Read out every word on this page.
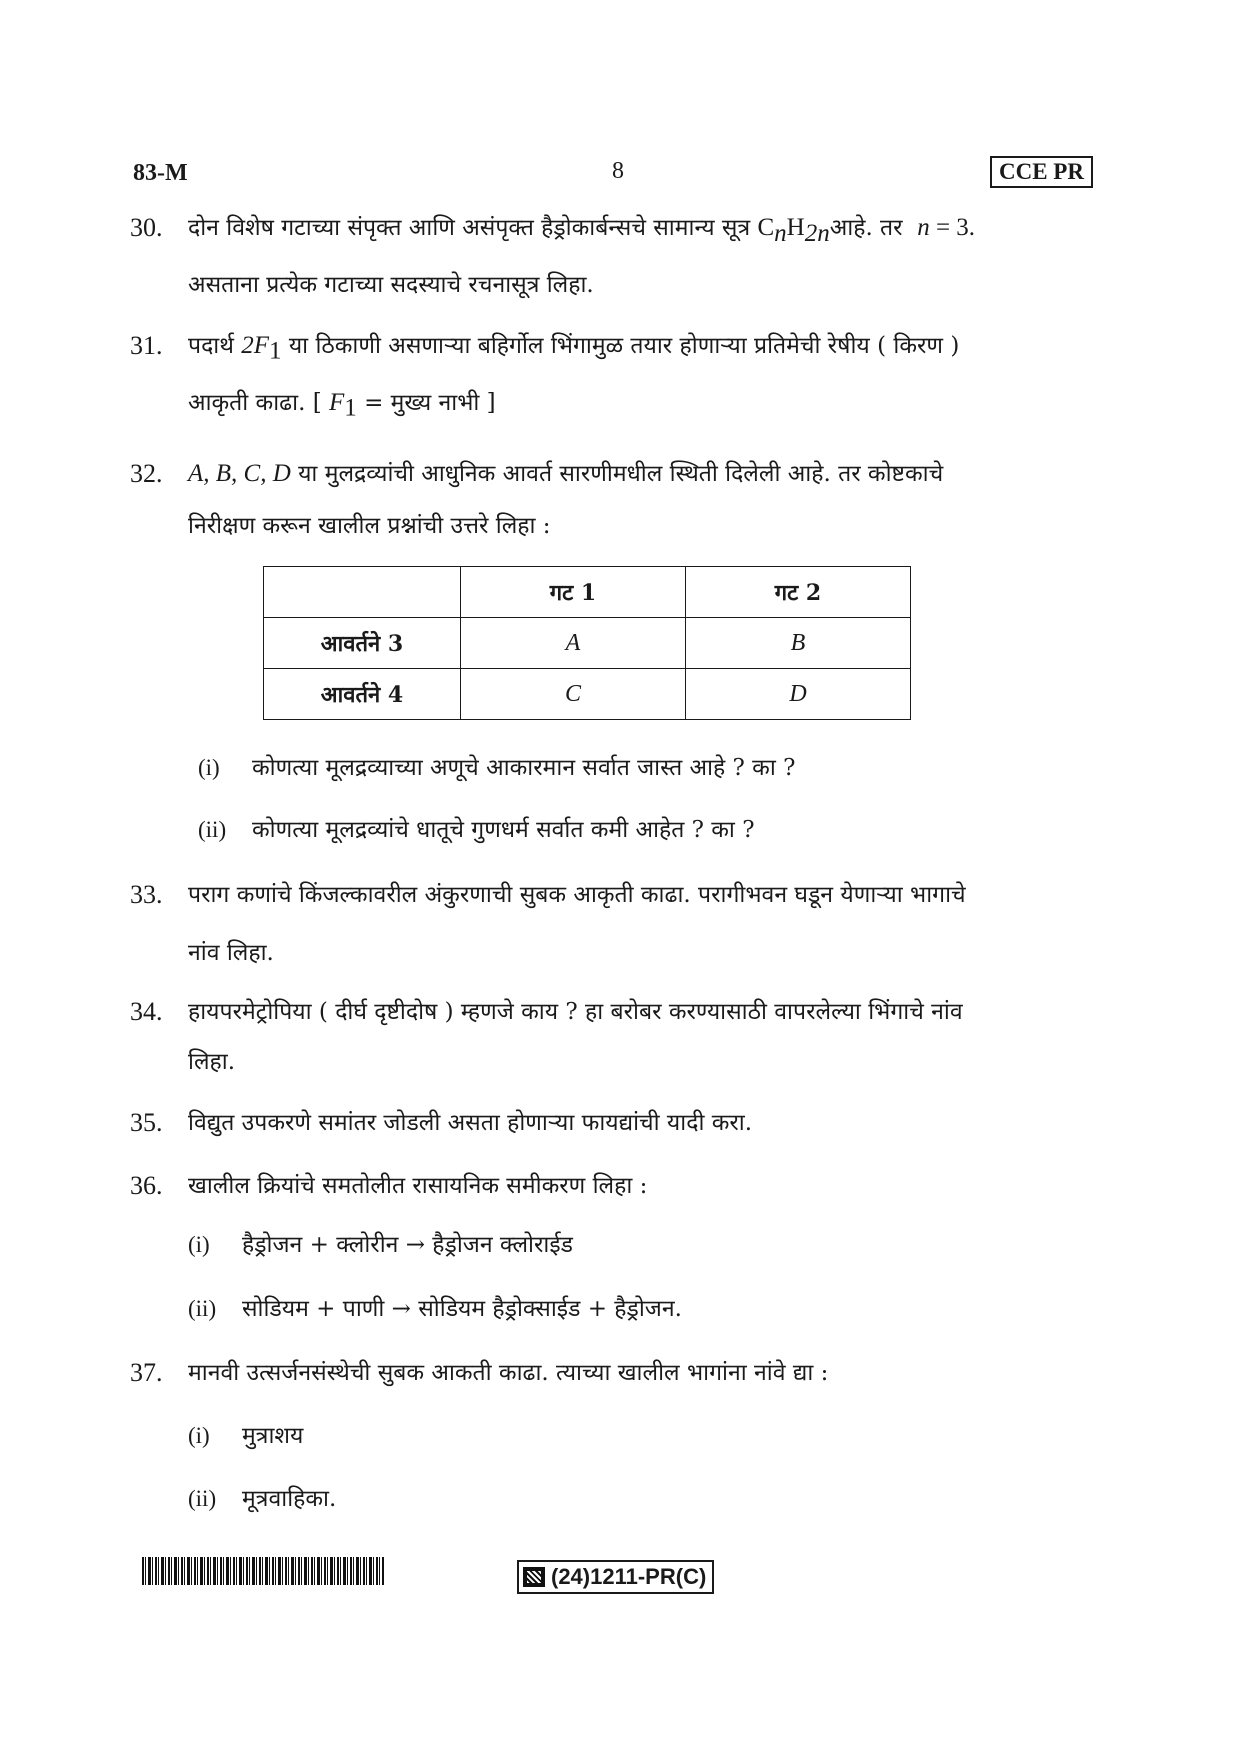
83-M	8	CCE PR
30. दोन विशेष गटाच्या संपृक्त आणि असंपृक्त हैड्रोकार्बन्सचे सामान्य सूत्र $C_nH_{2n}आहे$. तर n = 3.
असताना प्रत्येक गटाच्या सदस्याचे रचनासूत्र लिहा.
31. पदार्थ $2F_1$ या ठिकाणी असणाऱ्या बहिर्गोल भिंगामुळ तयार होणाऱ्या प्रतिमेची रेषीय ( किरण )
आकृती काढा. [ $F_1$ = मुख्य नाभी ]
32. A, B, C, D या मुलद्रव्यांची आधुनिक आवर्त सारणीमधील स्थिती दिलेली आहे. तर कोष्टकाचे
निरीक्षण करून खालील प्रश्नांची उत्तरे लिहा :
	गट 1	गट 2
आवर्तने 3	A	B
आवर्तने 4	C	D
(i) कोणत्या मूलद्रव्याच्या अणूचे आकारमान सर्वात जास्त आहे ? का ?
(ii) कोणत्या मूलद्रव्यांचे धातूचे गुणधर्म सर्वात कमी आहेत ? का ?
33. पराग कणांचे किंजल्कावरील अंकुरणाची सुबक आकृती काढा. परागीभवन घडून येणाऱ्या भागाचे
नांव लिहा.
34. हायपरमेट्रोपिया ( दीर्घ दृष्टीदोष ) म्हणजे काय ? हा बरोबर करण्यासाठी वापरलेल्या भिंगाचे नांव
लिहा.
35. विद्युत उपकरणे समांतर जोडली असता होणाऱ्या फायद्यांची यादी करा.
36. खालील क्रियांचे समतोलीत रासायनिक समीकरण लिहा :
(i) हैड्रोजन + क्लोरीन → हैड्रोजन क्लोराईड
(ii) सोडियम + पाणी → सोडियम हैड्रोक्साईड + हैड्रोजन.
37. मानवी उत्सर्जनसंस्थेची सुबक आकती काढा. त्याच्या खालील भागांना नांवे द्या :
(i) मुत्राशय
(ii) मूत्रवाहिका.
(24)1211-PR(C)
